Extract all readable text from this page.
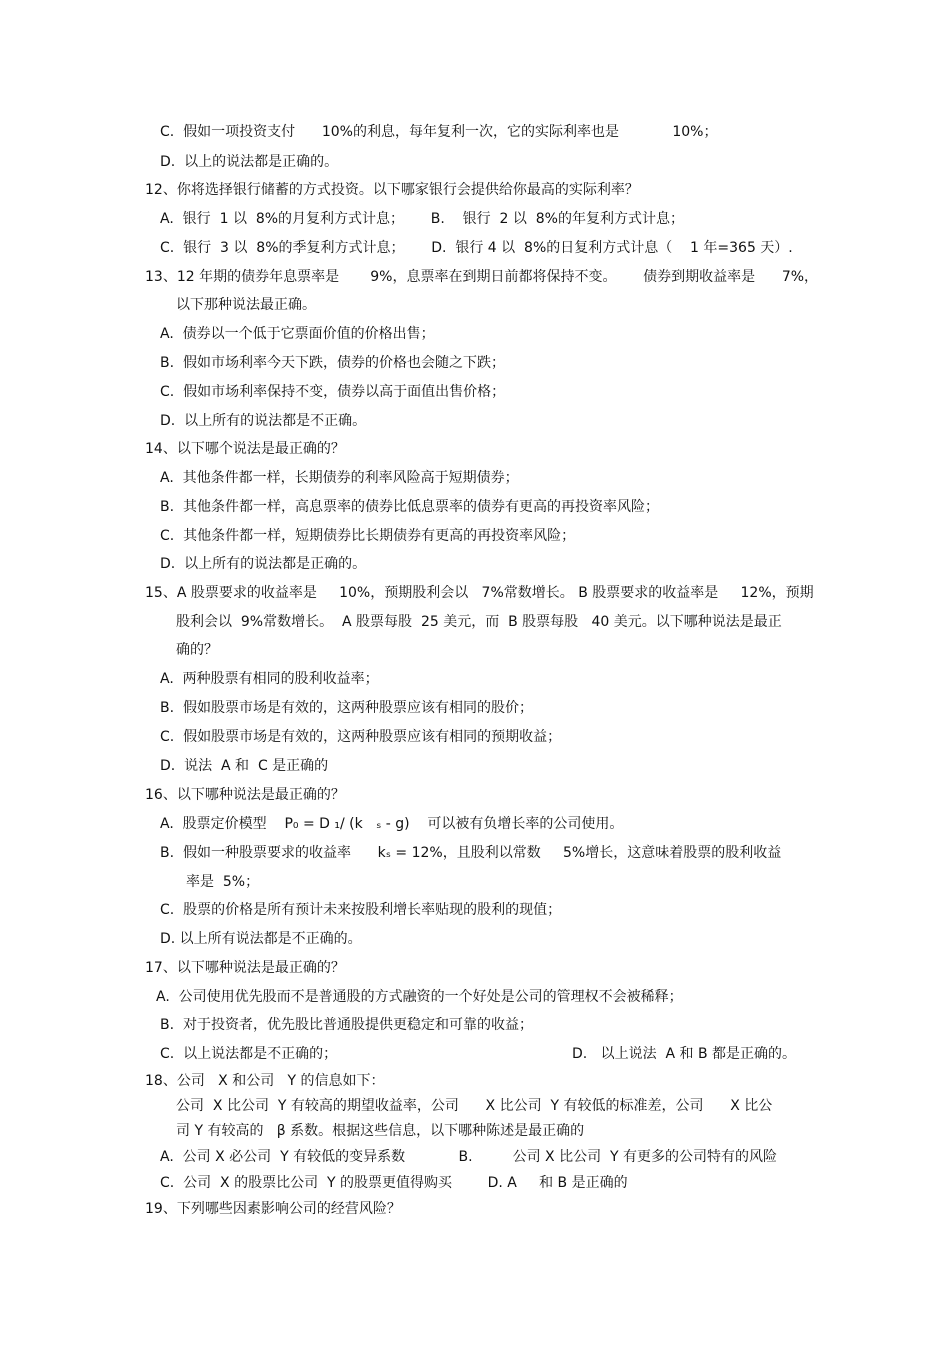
C.  假如一项投资支付      10%的利息，每年复利一次，它的实际利率也是            10%；
D.  以上的说法都是正确的。
12、你将选择银行储蓄的方式投资。以下哪家银行会提供给你最高的实际利率？
A.  银行  1 以  8%的月复利方式计息；      B.    银行  2 以  8%的年复利方式计息；
C.  银行  3 以  8%的季复利方式计息；      D.  银行 4 以  8%的日复利方式计息（    1 年=365 天）.
13、12 年期的债券年息票率是       9%，息票率在到期日前都将保持不变。      债券到期收益率是      7%，
以下那种说法最正确。
A.  债券以一个低于它票面价值的价格出售；
B.  假如市场利率今天下跌，债券的价格也会随之下跌；
C.  假如市场利率保持不变，债券以高于面值出售价格；
D.  以上所有的说法都是不正确。
14、以下哪个说法是最正确的？
A.  其他条件都一样，长期债券的利率风险高于短期债券；
B.  其他条件都一样，高息票率的债券比低息票率的债券有更高的再投资率风险；
C.  其他条件都一样，短期债券比长期债券有更高的再投资率风险；
D.  以上所有的说法都是正确的。
15、A 股票要求的收益率是     10%，预期股利会以   7%常数增长。 B 股票要求的收益率是     12%，预期
股利会以  9%常数增长。  A 股票每股  25 美元，而  B 股票每股   40 美元。以下哪种说法是最正
确的？
A.  两种股票有相同的股利收益率；
B.  假如股票市场是有效的，这两种股票应该有相同的股价；
C.  假如股票市场是有效的，这两种股票应该有相同的预期收益；
D.  说法  A 和  C 是正确的
16、以下哪种说法是最正确的？
A.  股票定价模型    P₀ = D ₁/ (k   ₛ - g)    可以被有负增长率的公司使用。
B.  假如一种股票要求的收益率      kₛ = 12%，且股利以常数     5%增长，这意味着股票的股利收益
率是  5%；
C.  股票的价格是所有预计未来按股利增长率贴现的股利的现值；
D. 以上所有说法都是不正确的。
17、以下哪种说法是最正确的？
A.  公司使用优先股而不是普通股的方式融资的一个好处是公司的管理权不会被稀释；
B.  对于投资者，优先股比普通股提供更稳定和可靠的收益；
C.  以上说法都是不正确的；	D.   以上说法  A 和 B 都是正确的。
18、公司   X 和公司   Y 的信息如下：
公司  X 比公司  Y 有较高的期望收益率，公司      X 比公司  Y 有较低的标准差，公司      X 比公
司 Y 有较高的   β 系数。根据这些信息，以下哪种陈述是最正确的
A.  公司 X 必公司  Y 有较低的变异系数            B.         公司 X 比公司  Y 有更多的公司特有的风险
C.  公司  X 的股票比公司  Y 的股票更值得购买        D. A     和 B 是正确的
19、下列哪些因素影响公司的经营风险？
